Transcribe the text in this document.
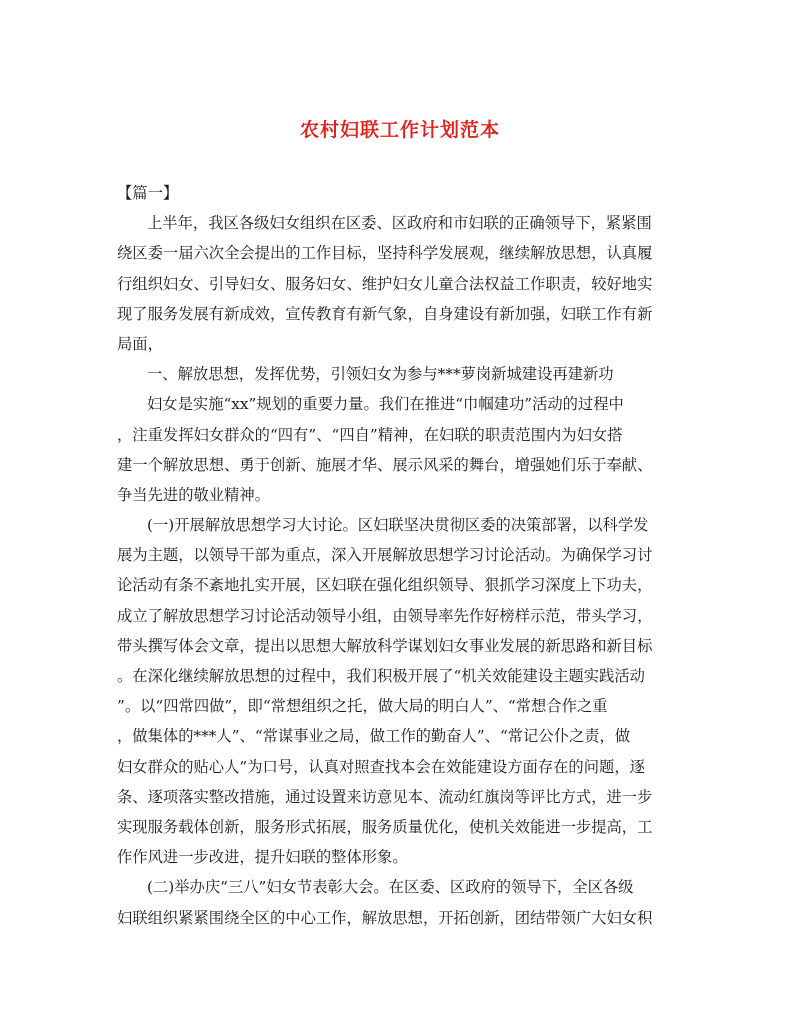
农村妇联工作计划范本
【篇一】
上半年，我区各级妇女组织在区委、区政府和市妇联的正确领导下，紧紧围
绕区委一届六次全会提出的工作目标，坚持科学发展观，继续解放思想，认真履
行组织妇女、引导妇女、服务妇女、维护妇女儿童合法权益工作职责，较好地实
现了服务发展有新成效，宣传教育有新气象，自身建设有新加强，妇联工作有新
局面，
一、解放思想，发挥优势，引领妇女为参与***萝岗新城建设再建新功
妇女是实施“xx”规划的重要力量。我们在推进“巾帼建功”活动的过程中
，注重发挥妇女群众的“四有”、“四自”精神，在妇联的职责范围内为妇女搭
建一个解放思想、勇于创新、施展才华、展示风采的舞台，增强她们乐于奉献、
争当先进的敬业精神。
(一)开展解放思想学习大讨论。区妇联坚决贯彻区委的决策部署，以科学发
展为主题，以领导干部为重点，深入开展解放思想学习讨论活动。为确保学习讨
论活动有条不紊地扎实开展，区妇联在强化组织领导、狠抓学习深度上下功夫，
成立了解放思想学习讨论活动领导小组，由领导率先作好榜样示范，带头学习，
带头撰写体会文章，提出以思想大解放科学谋划妇女事业发展的新思路和新目标
。在深化继续解放思想的过程中，我们积极开展了“机关效能建设主题实践活动
”。以“四常四做”，即“常想组织之托，做大局的明白人”、“常想合作之重
，做集体的***人”、“常谋事业之局，做工作的勤奋人”、“常记公仆之责，做
妇女群众的贴心人”为口号，认真对照查找本会在效能建设方面存在的问题，逐
条、逐项落实整改措施，通过设置来访意见本、流动红旗岗等评比方式，进一步
实现服务载体创新，服务形式拓展，服务质量优化，使机关效能进一步提高，工
作作风进一步改进，提升妇联的整体形象。
(二)举办庆“三八”妇女节表彰大会。在区委、区政府的领导下，全区各级
妇联组织紧紧围绕全区的中心工作，解放思想，开拓创新，团结带领广大妇女积
